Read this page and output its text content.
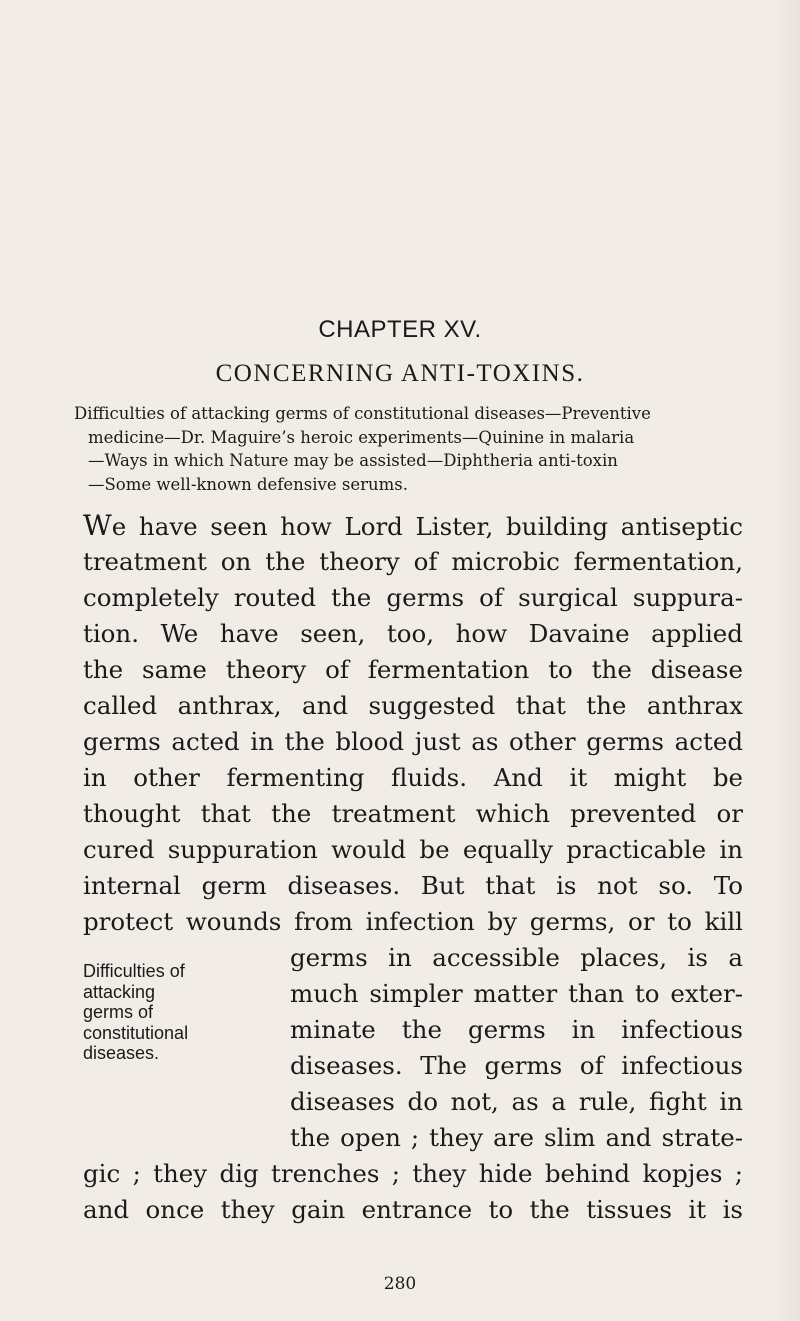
CHAPTER XV.
CONCERNING ANTI-TOXINS.
Difficulties of attacking germs of constitutional diseases—Preventive
medicine—Dr. Maguire’s heroic experiments—Quinine in malaria
—Ways in which Nature may be assisted—Diphtheria anti-toxin
—Some well-known defensive serums.
We have seen how Lord Lister, building antiseptic
treatment on the theory of microbic fermentation,
completely routed the germs of surgical suppura-
tion. We have seen, too, how Davaine applied
the same theory of fermentation to the disease
called anthrax, and suggested that the anthrax
germs acted in the blood just as other germs acted
in other fermenting fluids. And it might be
thought that the treatment which prevented or
cured suppuration would be equally practicable in
internal germ diseases. But that is not so. To
protect wounds from infection by germs, or to kill
germs in accessible places, is a
much simpler matter than to exter-
minate the germs in infectious
diseases. The germs of infectious
diseases do not, as a rule, fight in
the open ; they are slim and strate-
gic ; they dig trenches ; they hide behind kopjes ;
and once they gain entrance to the tissues it is
Difficulties of
attacking
germs of
constitutional
diseases.
280
